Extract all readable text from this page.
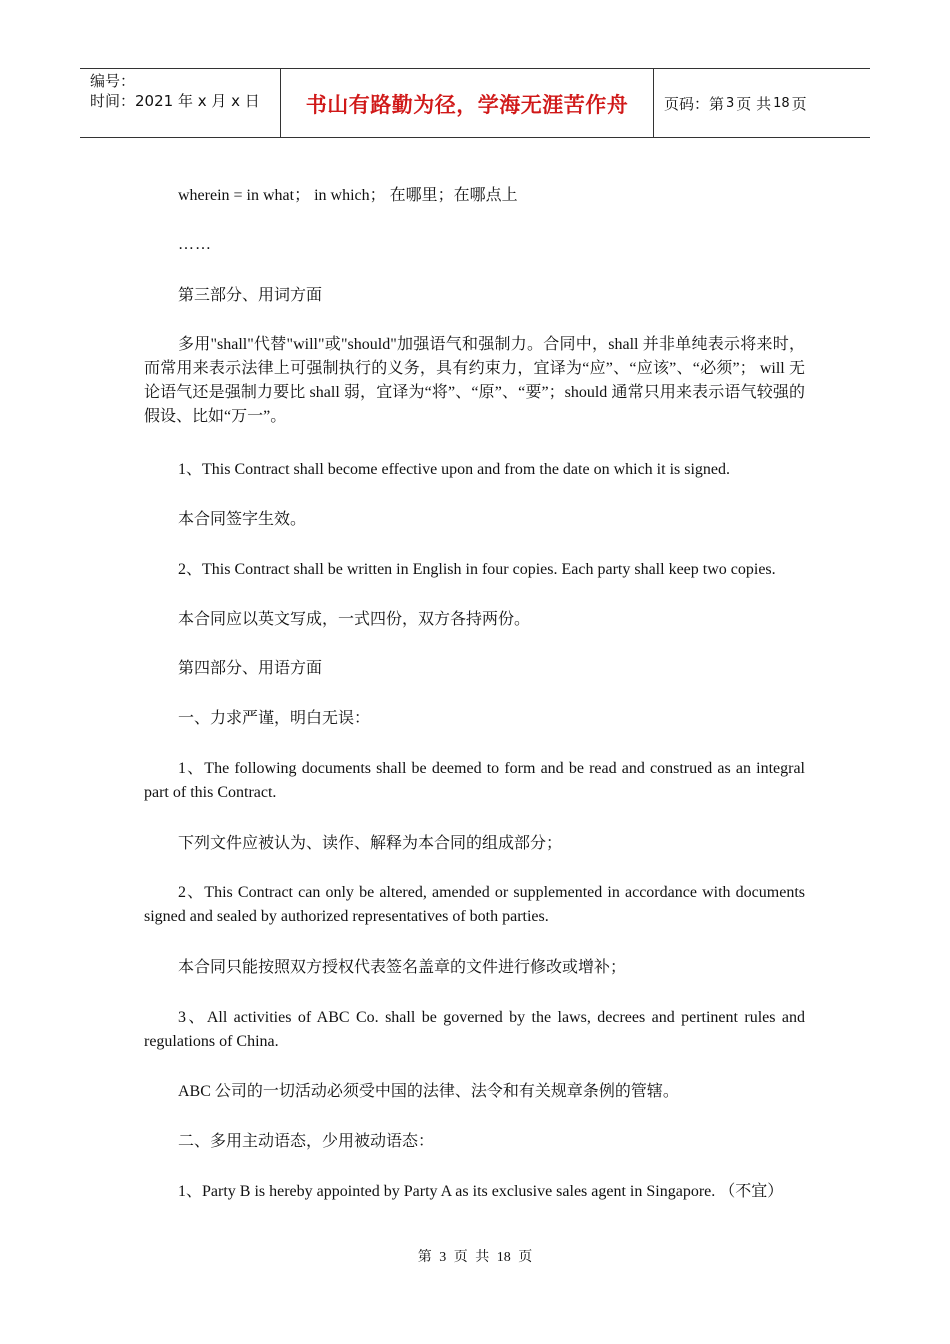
编号：
时间：2021 年 x 月 x 日	书山有路勤为径，学海无涯苦作舟 页码：第 3 页 共 18 页
wherein = in what； in which； 在哪里；在哪点上
……
第三部分、用词方面
多用"shall"代替"will"或"should"加强语气和强制力。合同中，shall 并非单纯表示将来时，而常用来表示法律上可强制执行的义务，具有约束力，宜译为“应”、“应该”、“必须”； will 无论语气还是强制力要比 shall 弱，宜译为“将”、“原”、“要”；should 通常只用来表示语气较强的假设、比如“万一”。
1、This Contract shall become effective upon and from the date on which it is signed.
本合同签字生效。
2、This Contract shall be written in English in four copies. Each party shall keep two copies.
本合同应以英文写成，一式四份，双方各持两份。
第四部分、用语方面
一、力求严谨，明白无误：
1、The following documents shall be deemed to form and be read and construed as an integral part of this Contract.
下列文件应被认为、读作、解释为本合同的组成部分；
2、This Contract can only be altered, amended or supplemented in accordance with documents signed and sealed by authorized representatives of both parties.
本合同只能按照双方授权代表签名盖章的文件进行修改或增补；
3、All activities of ABC Co. shall be governed by the laws, decrees and pertinent rules and regulations of China.
ABC 公司的一切活动必须受中国的法律、法令和有关规章条例的管辖。
二、多用主动语态，少用被动语态：
1、Party B is hereby appointed by Party A as its exclusive sales agent in Singapore. （不宜）
第 3 页 共 18 页
